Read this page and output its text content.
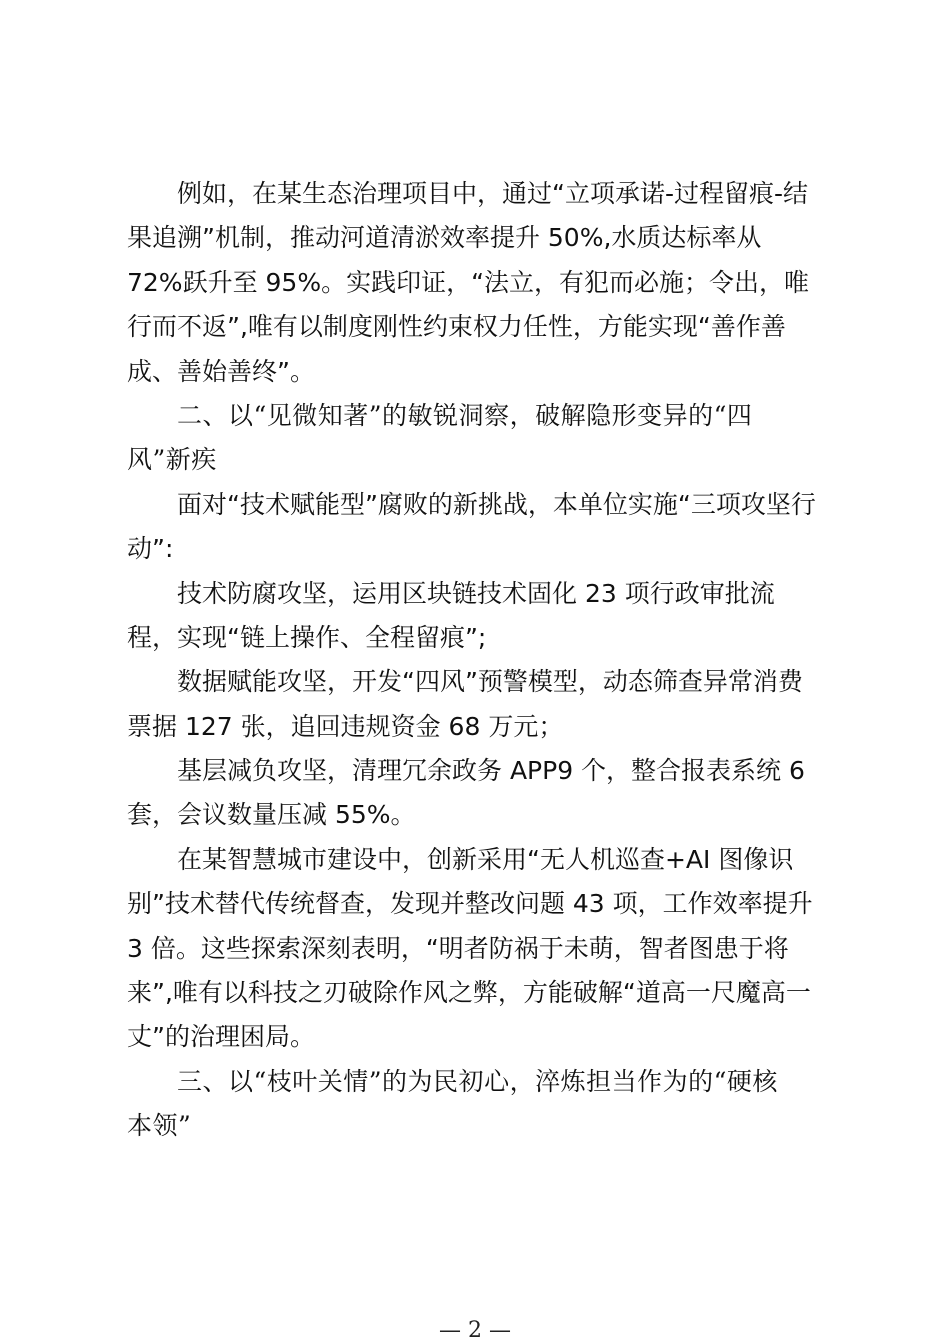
例如，在某生态治理项目中，通过“立项承诺-过程留痕-结
果追溯”机制，推动河道清淤效率提升 50%,水质达标率从
72%跃升至 95%。实践印证，“法立，有犯而必施；令出，唯
行而不返”,唯有以制度刚性约束权力任性，方能实现“善作善
成、善始善终”。
二、以“见微知著”的敏锐洞察，破解隐形变异的“四
风”新疾
面对“技术赋能型”腐败的新挑战，本单位实施“三项攻坚行
动”:
技术防腐攻坚，运用区块链技术固化 23 项行政审批流
程，实现“链上操作、全程留痕”;
数据赋能攻坚，开发“四风”预警模型，动态筛查异常消费
票据 127 张，追回违规资金 68 万元；
基层减负攻坚，清理冗余政务 APP9 个，整合报表系统 6
套，会议数量压减 55%。
在某智慧城市建设中，创新采用“无人机巡查+AI 图像识
别”技术替代传统督查，发现并整改问题 43 项，工作效率提升
3 倍。这些探索深刻表明，“明者防祸于未萌，智者图患于将
来”,唯有以科技之刃破除作风之弊，方能破解“道高一尺魔高一
丈”的治理困局。
三、以“枝叶关情”的为民初心，淬炼担当作为的“硬核
本领”
— 2 —
